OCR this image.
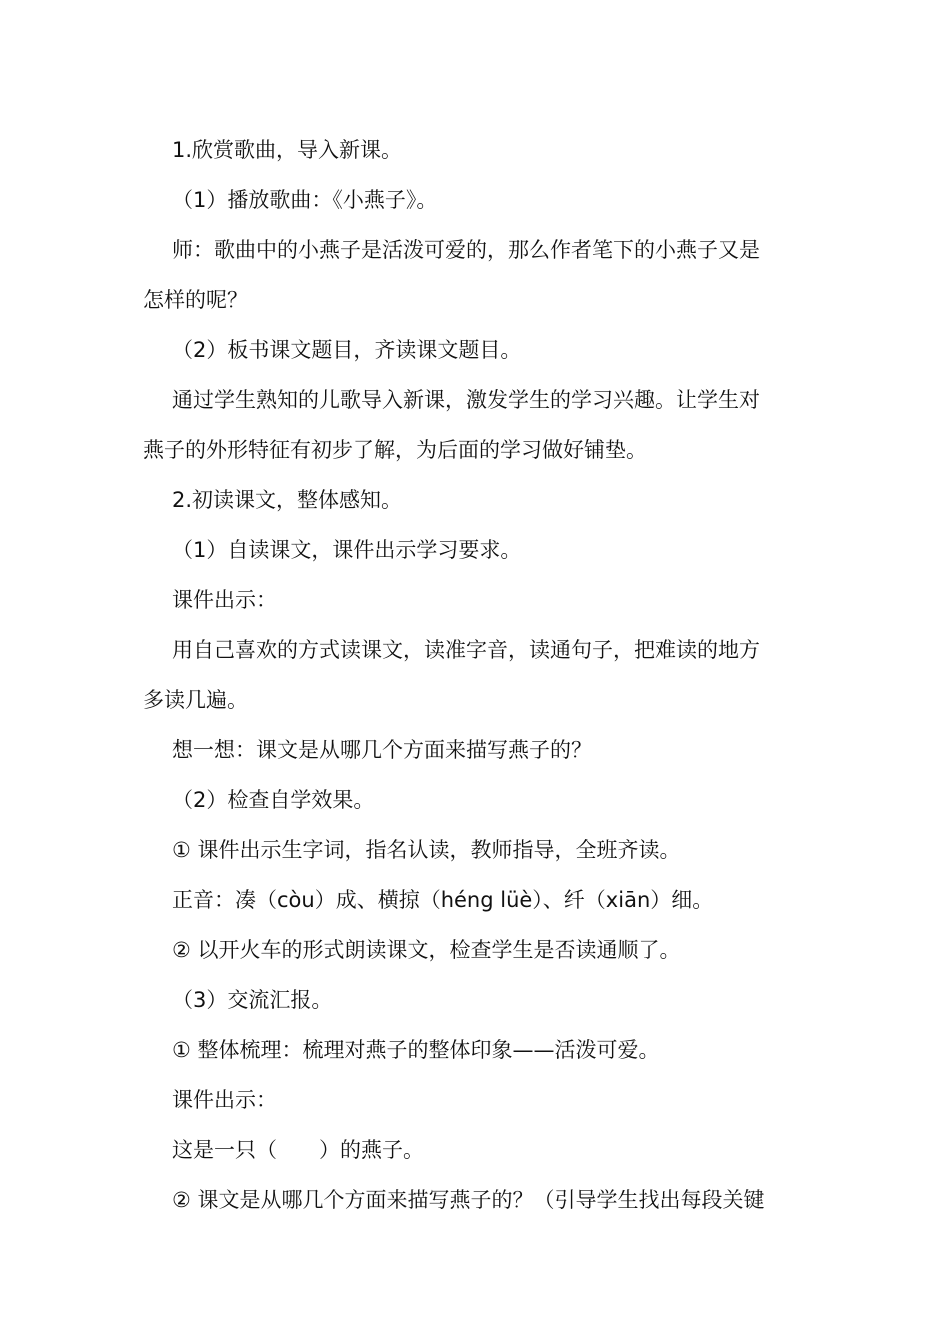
1.欣赏歌曲，导入新课。
（1）播放歌曲：《小燕子》。
师：歌曲中的小燕子是活泼可爱的，那么作者笔下的小燕子又是
怎样的呢？
（2）板书课文题目，齐读课文题目。
通过学生熟知的儿歌导入新课，激发学生的学习兴趣。让学生对
燕子的外形特征有初步了解，为后面的学习做好铺垫。
2.初读课文，整体感知。
（1）自读课文，课件出示学习要求。
课件出示：
用自己喜欢的方式读课文，读准字音，读通句子，把难读的地方
多读几遍。
想一想：课文是从哪几个方面来描写燕子的？
（2）检查自学效果。
① 课件出示生字词，指名认读，教师指导，全班齐读。
正音：凑（còu）成、横掠（héng lüè）、纤（xiān）细。
② 以开火车的形式朗读课文，检查学生是否读通顺了。
（3）交流汇报。
① 整体梳理：梳理对燕子的整体印象——活泼可爱。
课件出示：
这是一只（　　）的燕子。
② 课文是从哪几个方面来描写燕子的？（引导学生找出每段关键
